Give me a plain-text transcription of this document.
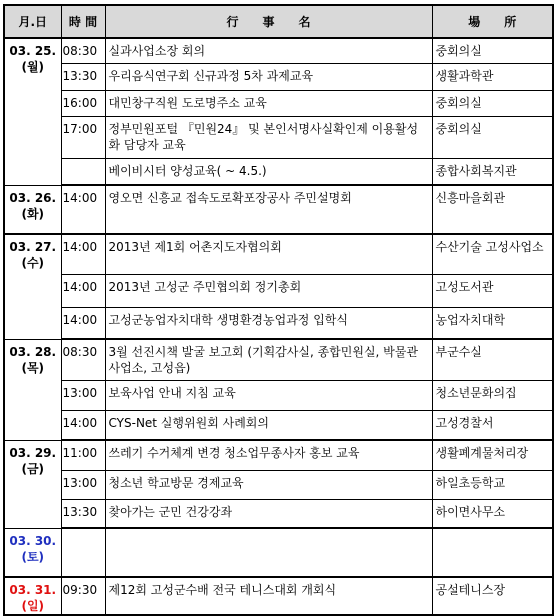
月.日	時 間	行　　事　　名	場　　所

03. 25.
(월)	08:30	실과사업소장 회의	중회의실
	13:30	우리음식연구회 신규과정 5차 과제교육	생활과학관
	16:00	대민창구직원 도로명주소 교육	중회의실
	17:00	정부민원포털 『민원24』 및 본인서명사실확인제 이용활성화 담당자 교육	중회의실
		베이비시터 양성교육( ~ 4.5.)	종합사회복지관

03. 26.
(화)	14:00	영오면 신흥교 접속도로확포장공사 주민설명회	신흥마을회관

03. 27.
(수)	14:00	2013년 제1회 어촌지도자협의회	수산기술 고성사업소
	14:00	2013년 고성군 주민협의회 정기총회	고성도서관
	14:00	고성군농업자치대학 생명환경농업과정 입학식	농업자치대학

03. 28.
(목)	08:30	3월 선진시책 발굴 보고회 (기획감사실, 종합민원실, 박물관사업소, 고성읍)	부군수실
	13:00	보육사업 안내 지침 교육	청소년문화의집
	14:00	CYS-Net 실행위원회 사례회의	고성경찰서

03. 29.
(금)	11:00	쓰레기 수거체계 변경 청소업무종사자 홍보 교육	생활폐계물처리장
	13:00	청소년 학교방문 경제교육	하일초등학교
	13:30	찾아가는 군민 건강강좌	하이면사무소

03. 30.
(토)			

03. 31.
(일)	09:30	제12회 고성군수배 전국 테니스대회 개회식	공설테니스장
